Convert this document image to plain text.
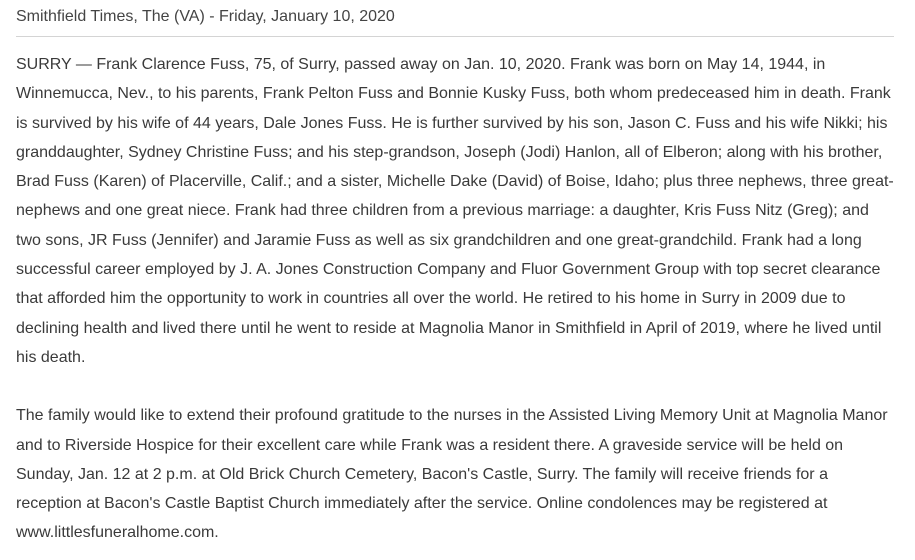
Smithfield Times, The (VA) - Friday, January 10, 2020

SURRY — Frank Clarence Fuss, 75, of Surry, passed away on Jan. 10, 2020. Frank was born on May 14, 1944, in Winnemucca, Nev., to his parents, Frank Pelton Fuss and Bonnie Kusky Fuss, both whom predeceased him in death. Frank is survived by his wife of 44 years, Dale Jones Fuss. He is further survived by his son, Jason C. Fuss and his wife Nikki; his granddaughter, Sydney Christine Fuss; and his step-grandson, Joseph (Jodi) Hanlon, all of Elberon; along with his brother, Brad Fuss (Karen) of Placerville, Calif.; and a sister, Michelle Dake (David) of Boise, Idaho; plus three nephews, three great-nephews and one great niece. Frank had three children from a previous marriage: a daughter, Kris Fuss Nitz (Greg); and two sons, JR Fuss (Jennifer) and Jaramie Fuss as well as six grandchildren and one great-grandchild. Frank had a long successful career employed by J. A. Jones Construction Company and Fluor Government Group with top secret clearance that afforded him the opportunity to work in countries all over the world. He retired to his home in Surry in 2009 due to declining health and lived there until he went to reside at Magnolia Manor in Smithfield in April of 2019, where he lived until his death.

The family would like to extend their profound gratitude to the nurses in the Assisted Living Memory Unit at Magnolia Manor and to Riverside Hospice for their excellent care while Frank was a resident there. A graveside service will be held on Sunday, Jan. 12 at 2 p.m. at Old Brick Church Cemetery, Bacon's Castle, Surry. The family will receive friends for a reception at Bacon's Castle Baptist Church immediately after the service. Online condolences may be registered at www.littlesfuneralhome.com.
